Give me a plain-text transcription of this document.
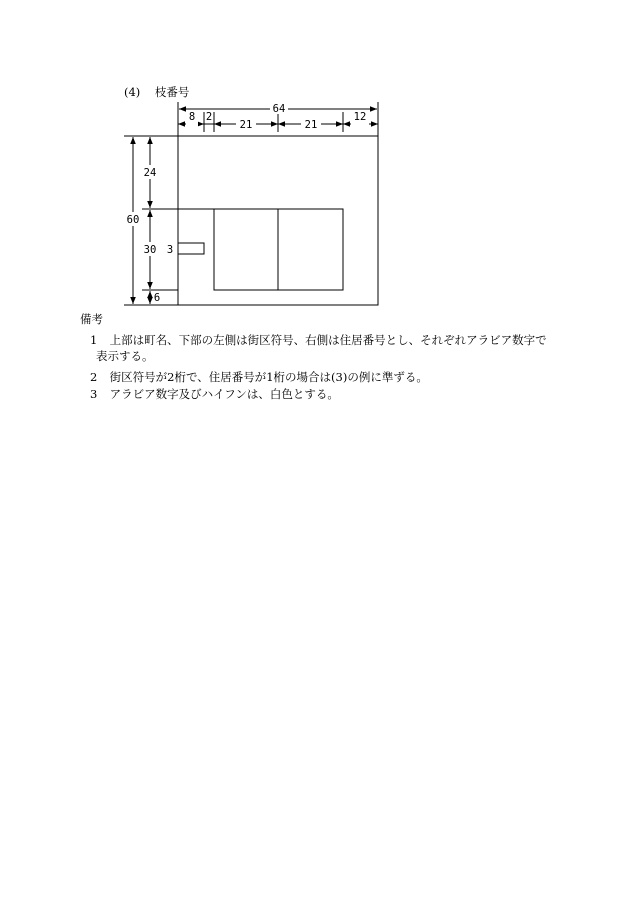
(4) 枝番号
64
8 2
21	21
12
60
24
30
6
3
備考
1 上部は町名、下部の左側は街区符号、右側は住居番号とし、それぞれアラビア数字で
表示する。
2 街区符号が2桁で、住居番号が1桁の場合は(3)の例に準ずる。
3 アラビア数字及びハイフンは、白色とする。
